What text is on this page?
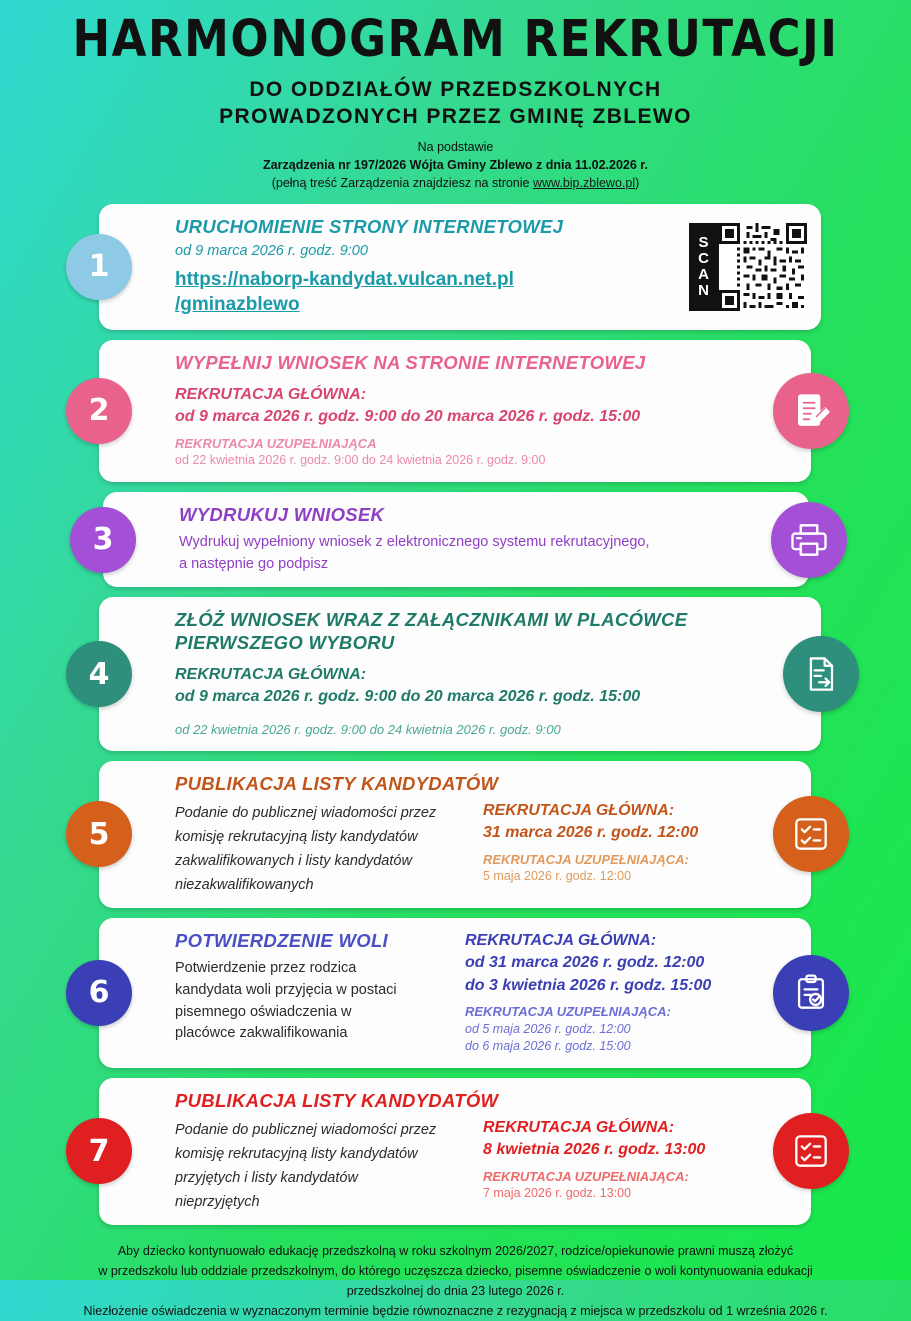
HARMONOGRAM REKRUTACJI
DO ODDZIAŁÓW PRZEDSZKOLNYCH
PROWADZONYCH PRZEZ GMINĘ ZBLEWO
Na podstawie
Zarządzenia nr 197/2026 Wójta Gminy Zblewo z dnia 11.02.2026 r.
(pełną treść Zarządzenia znajdziesz na stronie www.bip.zblewo.pl)
1
URUCHOMIENIE STRONY INTERNETOWEJ
od 9 marca 2026 r. godz. 9:00
https://naborp-kandydat.vulcan.net.pl
/gminazblewo
S
C
A
N
2
WYPEŁNIJ WNIOSEK NA STRONIE INTERNETOWEJ
REKRUTACJA GŁÓWNA:
od 9 marca 2026 r. godz. 9:00 do 20 marca 2026 r. godz. 15:00
REKRUTACJA UZUPEŁNIAJĄCA
od 22 kwietnia 2026 r. godz. 9:00 do 24 kwietnia 2026 r. godz. 9:00
3
WYDRUKUJ WNIOSEK
Wydrukuj wypełniony wniosek z elektronicznego systemu rekrutacyjnego,
a następnie go podpisz
4
ZŁÓŻ WNIOSEK WRAZ Z ZAŁĄCZNIKAMI W PLACÓWCE
PIERWSZEGO WYBORU
REKRUTACJA GŁÓWNA:
od 9 marca 2026 r. godz. 9:00 do 20 marca 2026 r. godz. 15:00
od 22 kwietnia 2026 r. godz. 9:00 do 24 kwietnia 2026 r. godz. 9:00
5
PUBLIKACJA LISTY KANDYDATÓW
Podanie do publicznej wiadomości przez
komisję rekrutacyjną listy kandydatów
zakwalifikowanych i listy kandydatów
niezakwalifikowanych
REKRUTACJA GŁÓWNA:
31 marca 2026 r. godz. 12:00
REKRUTACJA UZUPEŁNIAJĄCA:
5 maja 2026 r. godz. 12:00
6
POTWIERDZENIE WOLI
Potwierdzenie przez rodzica
kandydata woli przyjęcia w postaci
pisemnego oświadczenia w
placówce zakwalifikowania
REKRUTACJA GŁÓWNA:
od 31 marca 2026 r. godz. 12:00
do 3 kwietnia 2026 r. godz. 15:00
REKRUTACJA UZUPEŁNIAJĄCA:
od 5 maja 2026 r. godz. 12:00
do 6 maja 2026 r. godz. 15:00
7
PUBLIKACJA LISTY KANDYDATÓW
Podanie do publicznej wiadomości przez
komisję rekrutacyjną listy kandydatów
przyjętych i listy kandydatów
nieprzyjętych
REKRUTACJA GŁÓWNA:
8 kwietnia 2026 r. godz. 13:00
REKRUTACJA UZUPEŁNIAJĄCA:
7 maja 2026 r. godz. 13:00
Aby dziecko kontynuowało edukację przedszkolną w roku szkolnym 2026/2027, rodzice/opiekunowie prawni muszą złożyć
w przedszkolu lub oddziale przedszkolnym, do którego uczęszcza dziecko, pisemne oświadczenie o woli kontynuowania edukacji
przedszkolnej do dnia 23 lutego 2026 r.
Niezłożenie oświadczenia w wyznaczonym terminie będzie równoznaczne z rezygnacją z miejsca w przedszkolu od 1 września 2026 r.
